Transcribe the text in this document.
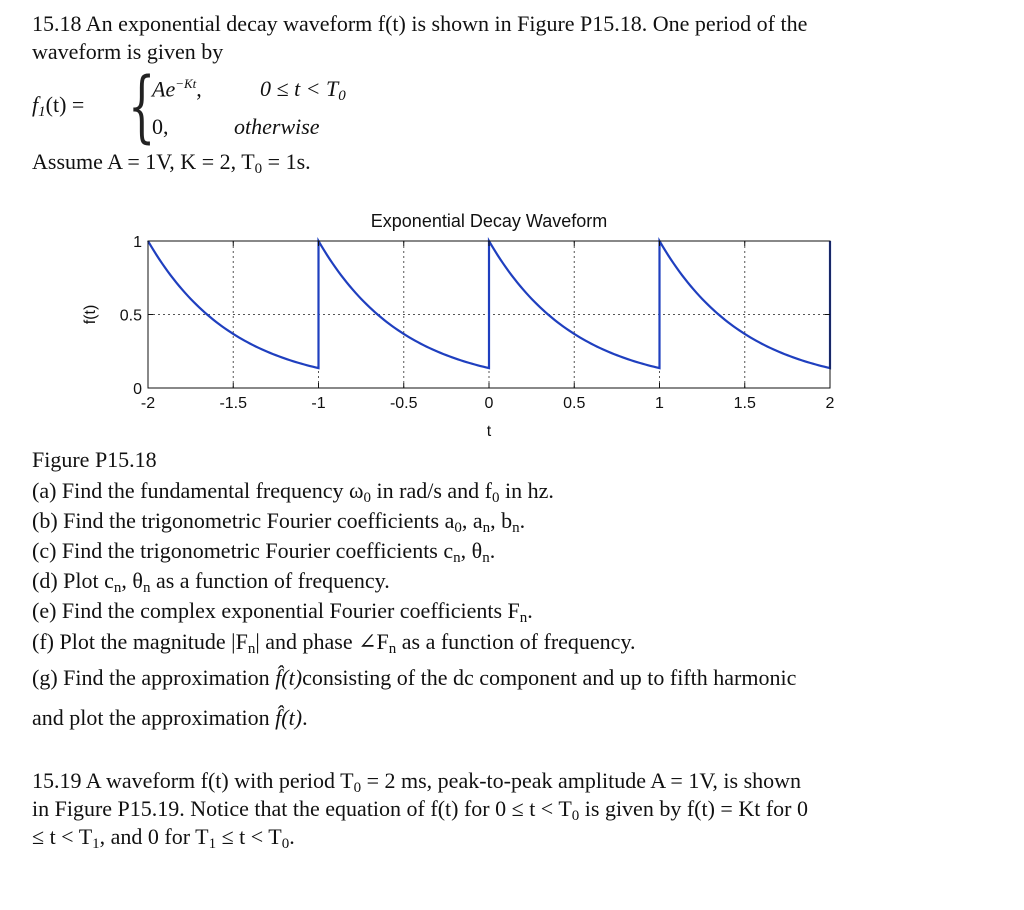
15.18 An exponential decay waveform f(t) is shown in Figure P15.18. One period of the
waveform is given by
$f_1(t)$ = {
$Ae^{-Kt}$,	$0 \le t < T_0$
0,	otherwise
Assume A = 1V, K = 2, $T_0 = 1s$.
-2	-1.5	-1	-0.5	0	0.5	1	1.5	2
0
0.5
1
Exponential Decay Waveform
t
f(t)
Figure P15.18
(a) Find the fundamental frequency $\omega_0$ in rad/s and $f_0$ in hz.
(b) Find the trigonometric Fourier coefficients $a_0$, $a_n$, $b_n$.
(c) Find the trigonometric Fourier coefficients $c_n$, $\theta_n$.
(d) Plot $c_n$, $\theta_n$ as a function of frequency.
(e) Find the complex exponential Fourier coefficients $F_n$.
(f) Plot the magnitude $|F_n|$ and phase $\angle F_n$ as a function of frequency.
(g) Find the approximation f̂(t)consisting of the dc component and up to fifth harmonic
and plot the approximation f̂(t).
15.19 A waveform f(t) with period $T_0 = 2$ ms, peak-to-peak amplitude A = 1V, is shown
in Figure P15.19. Notice that the equation of f(t) for $0 \le t < T_0$ is given by f(t) = Kt for 0
≤ $t < T_1$, and 0 for $T_1 \le t < T_0$.
